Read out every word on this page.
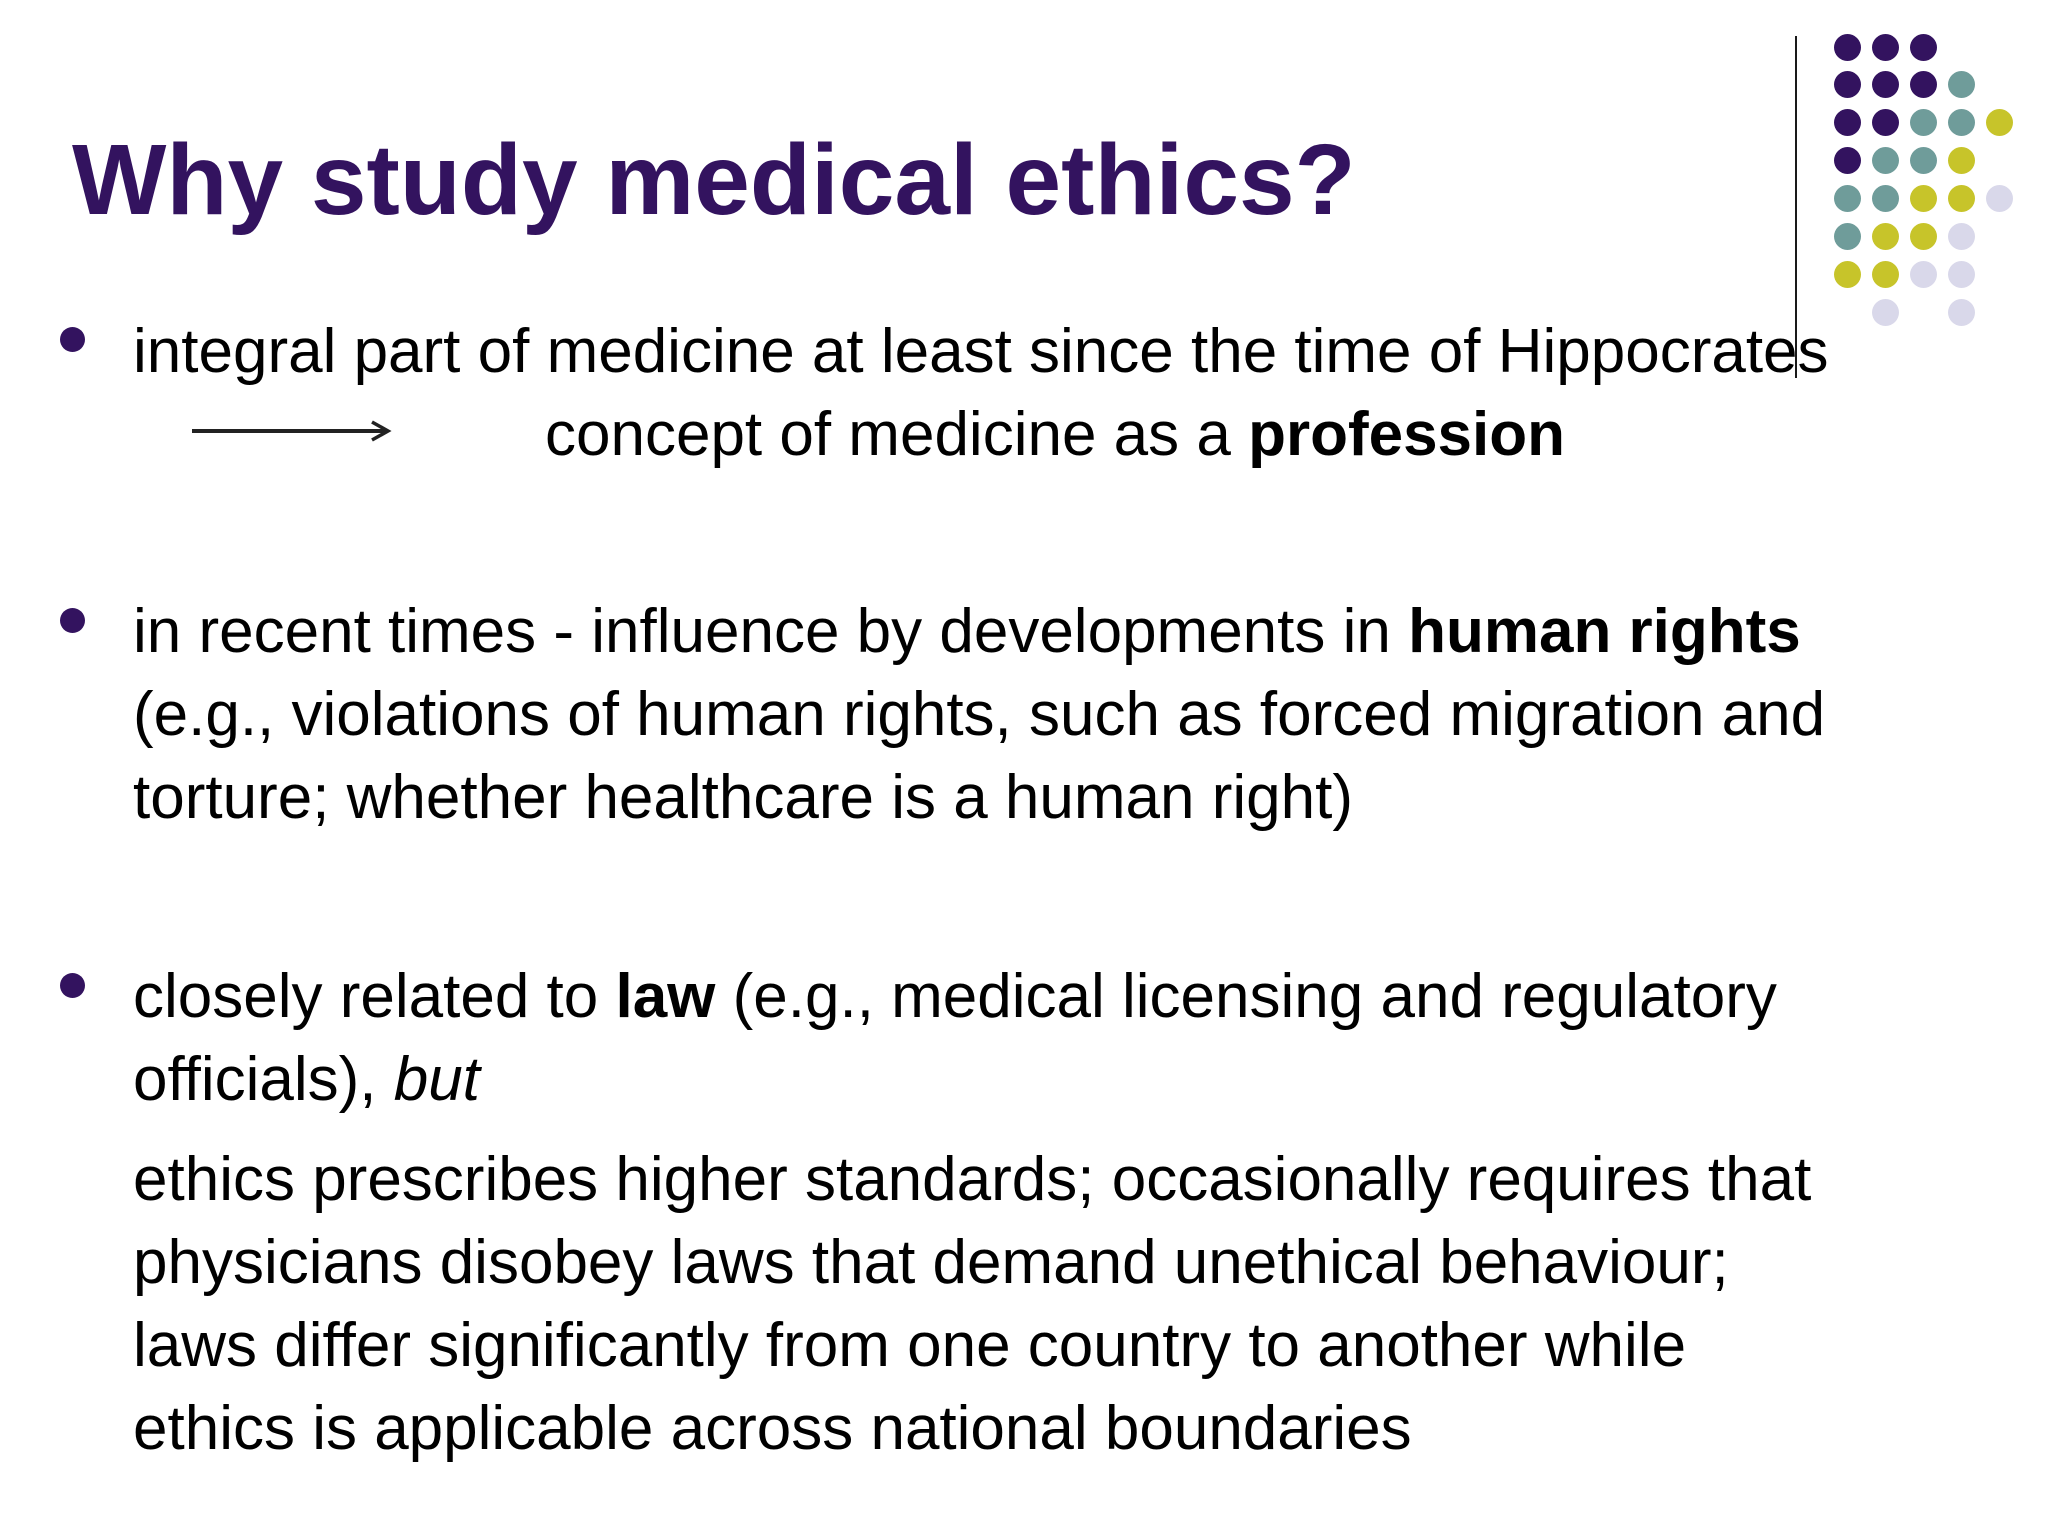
Why study medical ethics?

integral part of medicine at least since the time of Hippocrates

concept of medicine as a profession

in recent times - influence by developments in human rights
(e.g., violations of human rights, such as forced migration and
torture; whether healthcare is a human right)
closely related to law (e.g., medical licensing and regulatory
officials), but
ethics prescribes higher standards; occasionally requires that
physicians disobey laws that demand unethical behaviour;
laws differ significantly from one country to another while
ethics is applicable across national boundaries
